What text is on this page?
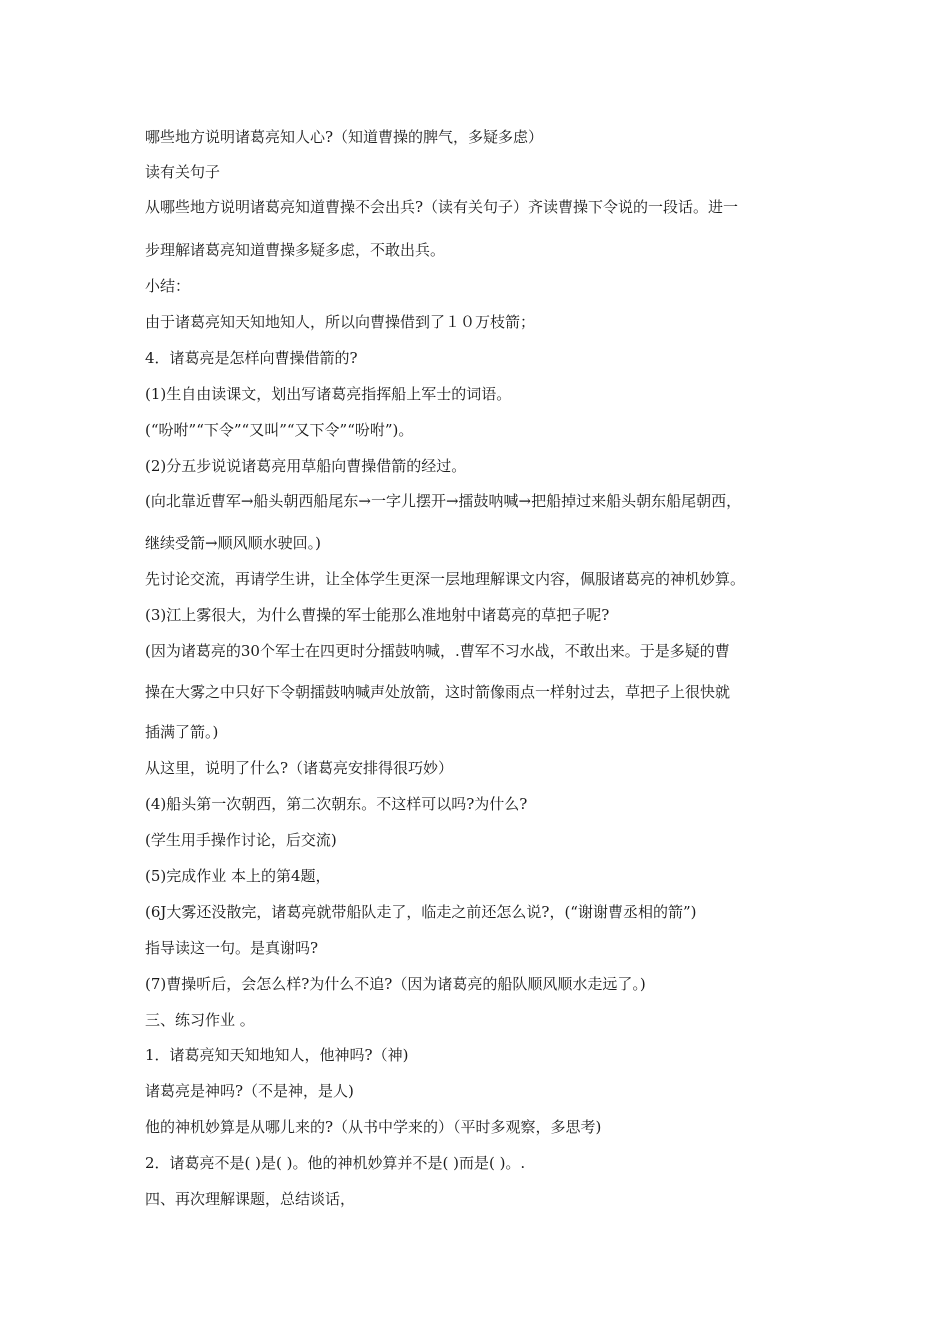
哪些地方说明诸葛亮知人心?（知道曹操的脾气，多疑多虑）
读有关句子
从哪些地方说明诸葛亮知道曹操不会出兵?（读有关句子）齐读曹操下令说的一段话。进一
步理解诸葛亮知道曹操多疑多虑，不敢出兵。
小结：
由于诸葛亮知天知地知人，所以向曹操借到了１０万枝箭；
4．诸葛亮是怎样向曹操借箭的?
(1)生自由读课文，划出写诸葛亮指挥船上军士的词语。
(“吩咐”“下令”“又叫”“又下令”“吩咐”)。
(2)分五步说说诸葛亮用草船向曹操借箭的经过。
(向北靠近曹军→船头朝西船尾东→一字儿摆开→擂鼓呐喊→把船掉过来船头朝东船尾朝西，
继续受箭→顺风顺水驶回。)
先讨论交流，再请学生讲，让全体学生更深一层地理解课文内容，佩服诸葛亮的神机妙算。
(3)江上雾很大，为什么曹操的军士能那么准地射中诸葛亮的草把子呢?
(因为诸葛亮的30个军士在四更时分擂鼓呐喊，.曹军不习水战，不敢出来。于是多疑的曹
操在大雾之中只好下令朝擂鼓呐喊声处放箭，这时箭像雨点一样射过去，草把子上很快就
插满了箭。)
从这里，说明了什么?（诸葛亮安排得很巧妙）
(4)船头第一次朝西，第二次朝东。不这样可以吗?为什么?
(学生用手操作讨论，后交流)
(5)完成作业 本上的第4题，
(6J大雾还没散完，诸葛亮就带船队走了，临走之前还怎么说?，(“谢谢曹丞相的箭”)
指导读这一句。是真谢吗?
(7)曹操听后，会怎么样?为什么不追?（因为诸葛亮的船队顺风顺水走远了。)
三、练习作业 。
1．诸葛亮知天知地知人，他神吗?（神)
诸葛亮是神吗?（不是神，是人)
他的神机妙算是从哪儿来的?（从书中学来的）（平时多观察，多思考)
2．诸葛亮不是( )是( )。他的神机妙算并不是( )而是( )。.
四、再次理解课题，总结谈话，
